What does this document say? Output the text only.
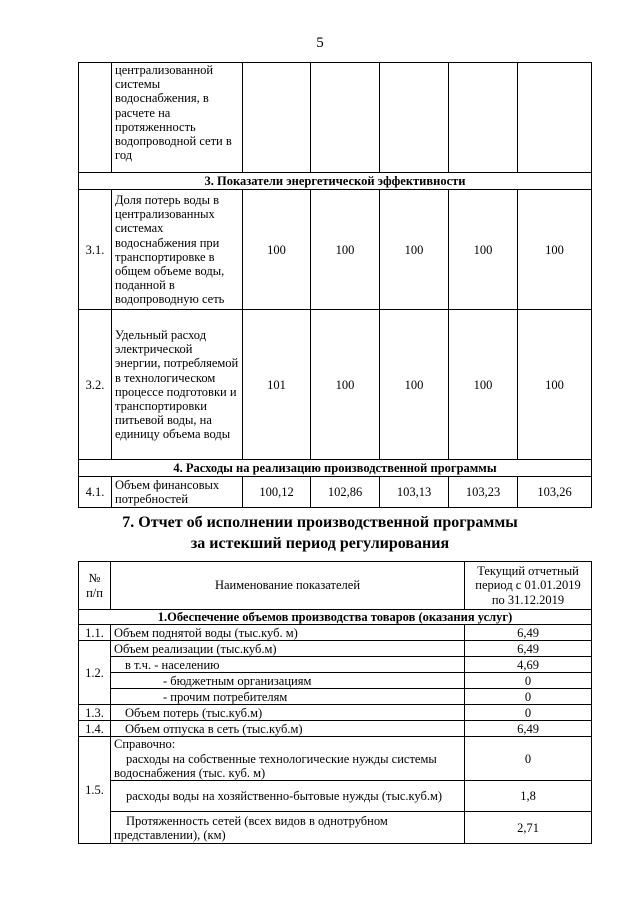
5
	централизованной системы водоснабжения, в расчете на протяженность водопроводной сети в год					
3. Показатели энергетической эффективности						
3.1.	Доля потерь воды в централизованных системах водоснабжения при транспортировке в общем объеме воды, поданной в водопроводную сеть	100	100	100	100	100
3.2.	Удельный расход электрической энергии, потребляемой в технологическом процессе подготовки и транспортировки питьевой воды, на единицу объема воды	101	100	100	100	100
4. Расходы на реализацию производственной программы						
4.1.	Объем финансовых потребностей	100,12	102,86	103,13	103,23	103,26
7. Отчет об исполнении производственной программы
за истекший период регулирования
№ п/п	Наименование показателей	Текущий отчетный период с 01.01.2019 по 31.12.2019
1.Обеспечение объемов производства товаров (оказания услуг)		
1.1.	Объем поднятой воды (тыс.куб. м)	6,49
1.2.	Объем реализации (тыс.куб.м)	6,49
	в т.ч. - населению	4,69
	- бюджетным организациям	0
	- прочим потребителям	0
1.3.	Объем потерь (тыс.куб.м)	0
1.4.	Объем отпуска в сеть (тыс.куб.м)	6,49
1.5.	Справочно:
расходы на собственные технологические нужды системы водоснабжения (тыс. куб. м)	0
	расходы воды на хозяйственно-бытовые нужды (тыс.куб.м)	1,8
	Протяженность сетей (всех видов в однотрубном представлении), (км)	2,71
